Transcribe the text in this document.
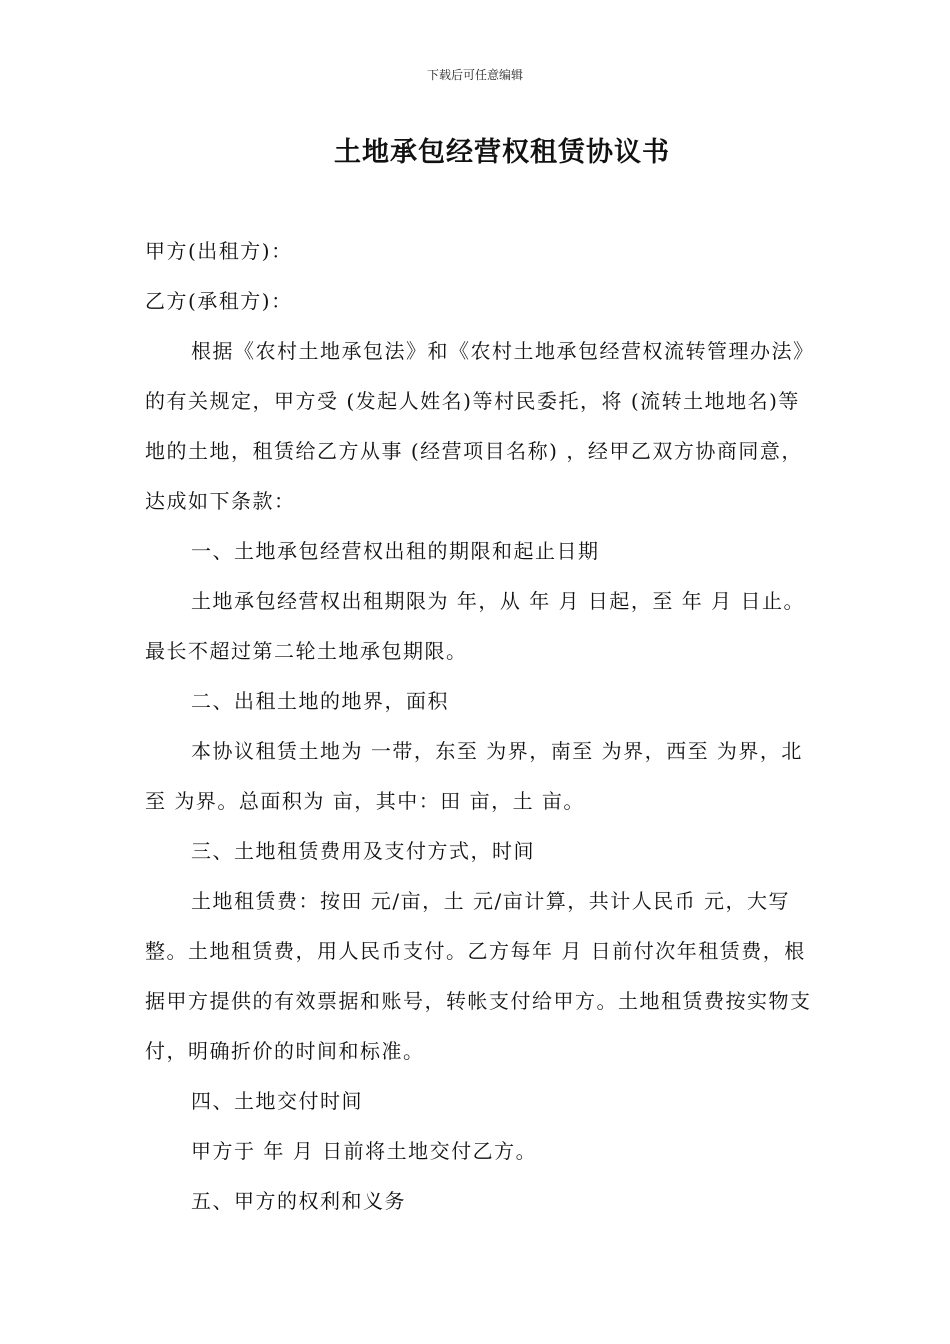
下载后可任意编辑
土地承包经营权租赁协议书

甲方(出租方)：

乙方(承租方)：

根据《农村土地承包法》和《农村土地承包经营权流转管理办法》的有关规定，甲方受 (发起人姓名)等村民委托，将 (流转土地地名)等地的土地，租赁给乙方从事 (经营项目名称) ，经甲乙双方协商同意，达成如下条款：

一、土地承包经营权出租的期限和起止日期

土地承包经营权出租期限为 年，从 年 月 日起，至 年 月 日止。最长不超过第二轮土地承包期限。

二、出租土地的地界，面积

本协议租赁土地为 一带，东至 为界，南至 为界，西至 为界，北至 为界。总面积为 亩，其中：田 亩，土 亩。

三、土地租赁费用及支付方式，时间

土地租赁费：按田 元/亩，土 元/亩计算，共计人民币 元，大写 整。土地租赁费，用人民币支付。乙方每年 月 日前付次年租赁费，根据甲方提供的有效票据和账号，转帐支付给甲方。土地租赁费按实物支付，明确折价的时间和标准。

四、土地交付时间

甲方于 年 月 日前将土地交付乙方。

五、甲方的权利和义务
